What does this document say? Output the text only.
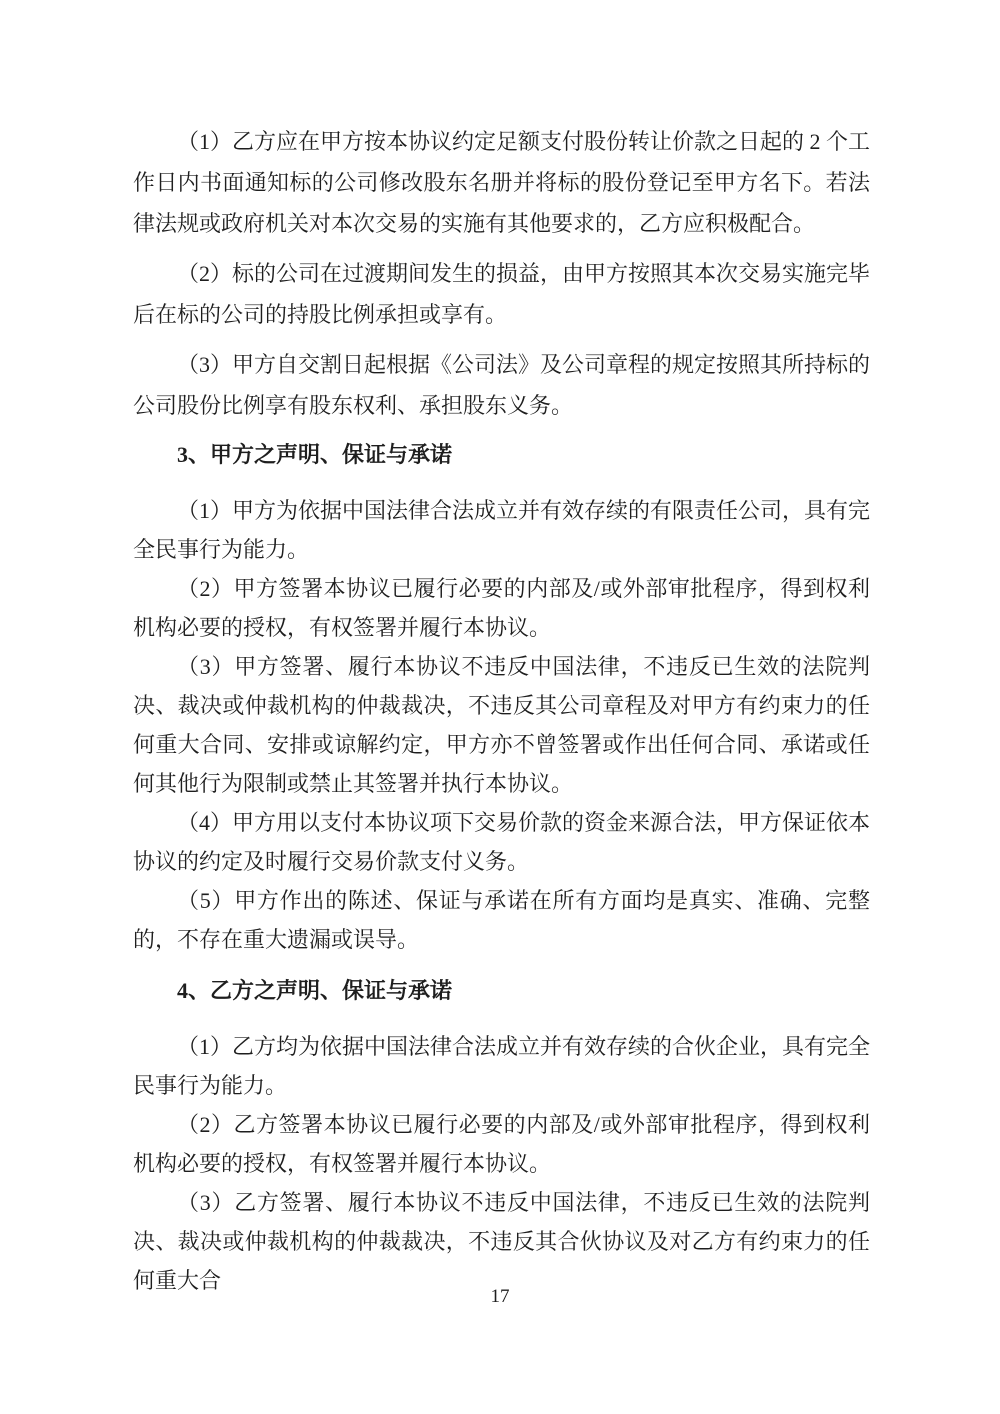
（1）乙方应在甲方按本协议约定足额支付股份转让价款之日起的 2 个工作日内书面通知标的公司修改股东名册并将标的股份登记至甲方名下。若法律法规或政府机关对本次交易的实施有其他要求的，乙方应积极配合。

（2）标的公司在过渡期间发生的损益，由甲方按照其本次交易实施完毕后在标的公司的持股比例承担或享有。

（3）甲方自交割日起根据《公司法》及公司章程的规定按照其所持标的公司股份比例享有股东权利、承担股东义务。

3、甲方之声明、保证与承诺

（1）甲方为依据中国法律合法成立并有效存续的有限责任公司，具有完全民事行为能力。

（2）甲方签署本协议已履行必要的内部及/或外部审批程序，得到权利机构必要的授权，有权签署并履行本协议。

（3）甲方签署、履行本协议不违反中国法律，不违反已生效的法院判决、裁决或仲裁机构的仲裁裁决，不违反其公司章程及对甲方有约束力的任何重大合同、安排或谅解约定，甲方亦不曾签署或作出任何合同、承诺或任何其他行为限制或禁止其签署并执行本协议。

（4）甲方用以支付本协议项下交易价款的资金来源合法，甲方保证依本协议的约定及时履行交易价款支付义务。

（5）甲方作出的陈述、保证与承诺在所有方面均是真实、准确、完整的，不存在重大遗漏或误导。

4、乙方之声明、保证与承诺

（1）乙方均为依据中国法律合法成立并有效存续的合伙企业，具有完全民事行为能力。

（2）乙方签署本协议已履行必要的内部及/或外部审批程序，得到权利机构必要的授权，有权签署并履行本协议。

（3）乙方签署、履行本协议不违反中国法律，不违反已生效的法院判决、裁决或仲裁机构的仲裁裁决，不违反其合伙协议及对乙方有约束力的任何重大合

17
